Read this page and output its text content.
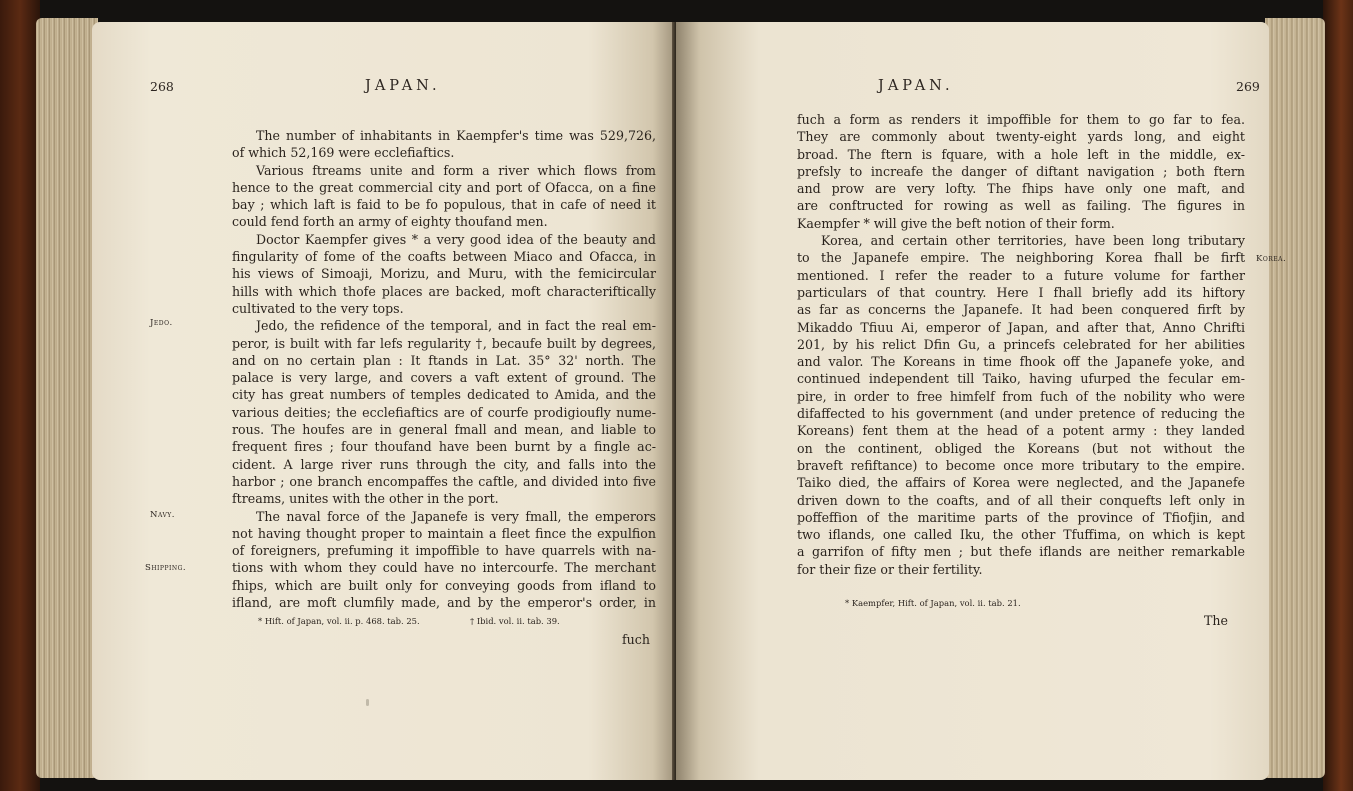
268	JAPAN.
Jedo.
Navy.
Shipping.

The number of inhabitants in Kaempfer's time was 529,726,
of which 52,169 were ecclefiaftics.

Various ftreams unite and form a river which flows from
hence to the great commercial city and port of Ofacca, on a fine
bay ; which laft is faid to be fo populous, that in cafe of need it
could fend forth an army of eighty thoufand men.

Doctor Kaempfer gives * a very good idea of the beauty and
fingularity of fome of the coafts between Miaco and Ofacca, in
his views of Simoaji, Morizu, and Muru, with the femicircular
hills with which thofe places are backed, moft characteriftically
cultivated to the very tops.

Jedo, the refidence of the temporal, and in fact the real em-
peror, is built with far lefs regularity †, becaufe built by degrees,
and on no certain plan : It ftands in Lat. 35° 32' north. The
palace is very large, and covers a vaft extent of ground. The
city has great numbers of temples dedicated to Amida, and the
various deities; the ecclefiaftics are of courfe prodigioufly nume-
rous. The houfes are in general fmall and mean, and liable to
frequent fires ; four thoufand have been burnt by a fingle ac-
cident. A large river runs through the city, and falls into the
harbor ; one branch encompaffes the caftle, and divided into five
ftreams, unites with the other in the port.

The naval force of the Japanefe is very fmall, the emperors
not having thought proper to maintain a fleet fince the expulfion
of foreigners, prefuming it impoffible to have quarrels with na-
tions with whom they could have no intercourfe. The merchant
fhips, which are built only for conveying goods from ifland to
ifland, are moft clumfily made, and by the emperor's order, in

* Hift. of Japan, vol. ii. p. 468. tab. 25.	† Ibid. vol. ii. tab. 39.
fuch
JAPAN.	269
Korea.

fuch a form as renders it impoffible for them to go far to fea.
They are commonly about twenty-eight yards long, and eight
broad. The ftern is fquare, with a hole left in the middle, ex-
prefsly to increafe the danger of diftant navigation ; both ftern
and prow are very lofty. The fhips have only one maft, and
are conftructed for rowing as well as failing. The figures in
Kaempfer * will give the beft notion of their form.

Korea, and certain other territories, have been long tributary
to the Japanefe empire. The neighboring Korea fhall be firft
mentioned. I refer the reader to a future volume for farther
particulars of that country. Here I fhall briefly add its hiftory
as far as concerns the Japanefe. It had been conquered firft by
Mikaddo Tfiuu Ai, emperor of Japan, and after that, Anno Chrifti
201, by his relict Dfin Gu, a princefs celebrated for her abilities
and valor. The Koreans in time fhook off the Japanefe yoke, and
continued independent till Taiko, having ufurped the fecular em-
pire, in order to free himfelf from fuch of the nobility who were
difaffected to his government (and under pretence of reducing the
Koreans) fent them at the head of a potent army : they landed
on the continent, obliged the Koreans (but not without the
braveft refiftance) to become once more tributary to the empire.
Taiko died, the affairs of Korea were neglected, and the Japanefe
driven down to the coafts, and of all their conquefts left only in
poffeffion of the maritime parts of the province of Tfiofjin, and
two iflands, one called Iku, the other Tfuffima, on which is kept
a garrifon of fifty men ; but thefe iflands are neither remarkable
for their fize or their fertility.

* Kaempfer, Hift. of Japan, vol. ii. tab. 21.
The
